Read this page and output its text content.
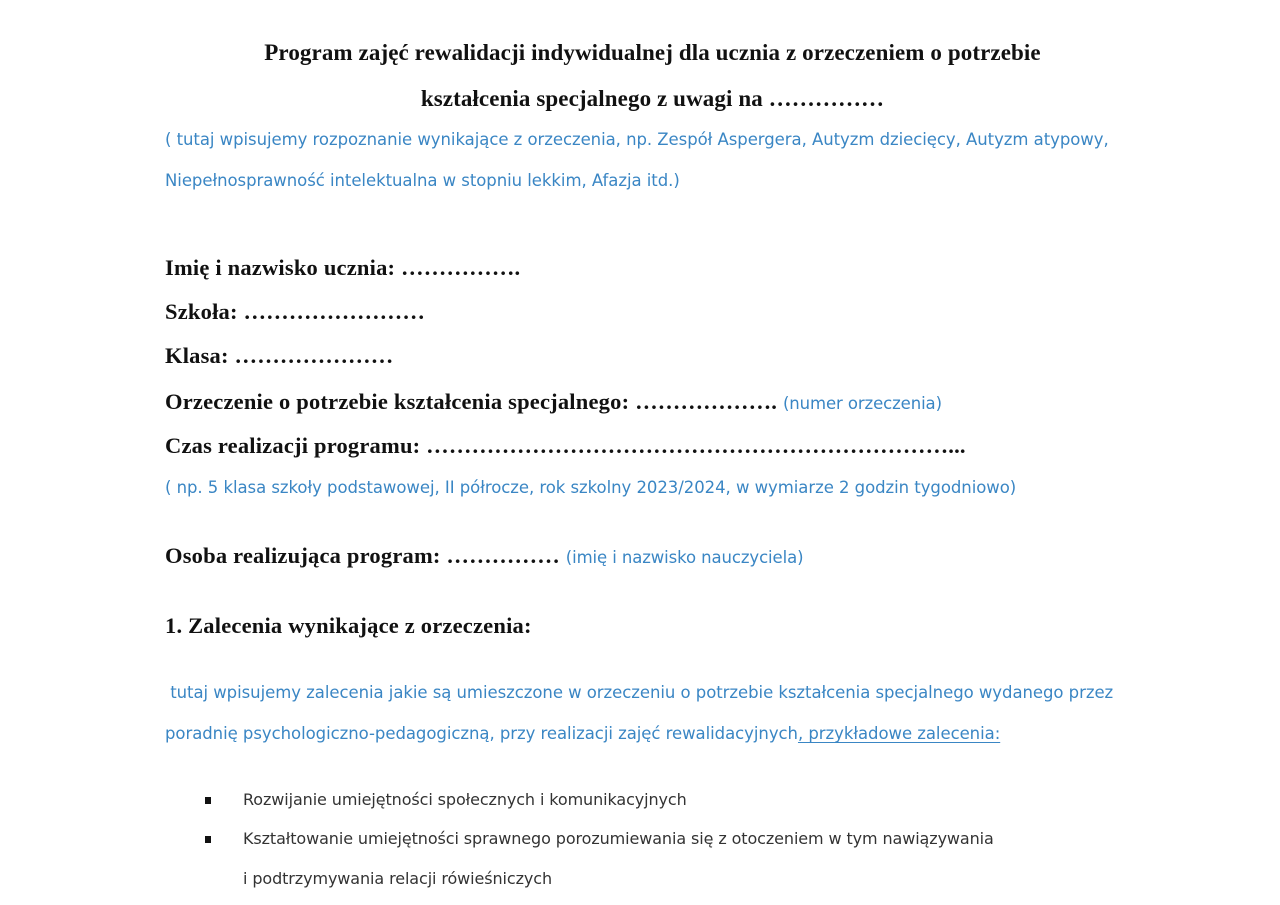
Program zajęć rewalidacji indywidualnej dla ucznia z orzeczeniem o potrzebie
kształcenia specjalnego z uwagi na ……………
( tutaj wpisujemy rozpoznanie wynikające z orzeczenia, np. Zespół Aspergera, Autyzm dziecięcy, Autyzm atypowy,
Niepełnosprawność intelektualna w stopniu lekkim, Afazja itd.)
Imię i nazwisko ucznia: …………….
Szkoła: ……………………
Klasa: …………………
Orzeczenie o potrzebie kształcenia specjalnego: ………………. (numer orzeczenia)
Czas realizacji programu: ……………………………………………………………...
( np. 5 klasa szkoły podstawowej, II półrocze, rok szkolny 2023/2024, w wymiarze 2 godzin tygodniowo)
Osoba realizująca program: …………… (imię i nazwisko nauczyciela)
1. Zalecenia wynikające z orzeczenia:
tutaj wpisujemy zalecenia jakie są umieszczone w orzeczeniu o potrzebie kształcenia specjalnego wydanego przez
poradnię psychologiczno-pedagogiczną, przy realizacji zajęć rewalidacyjnych, przykładowe zalecenia:
Rozwijanie umiejętności społecznych i komunikacyjnych
Kształtowanie umiejętności sprawnego porozumiewania się z otoczeniem w tym nawiązywania
i podtrzymywania relacji rówieśniczych
